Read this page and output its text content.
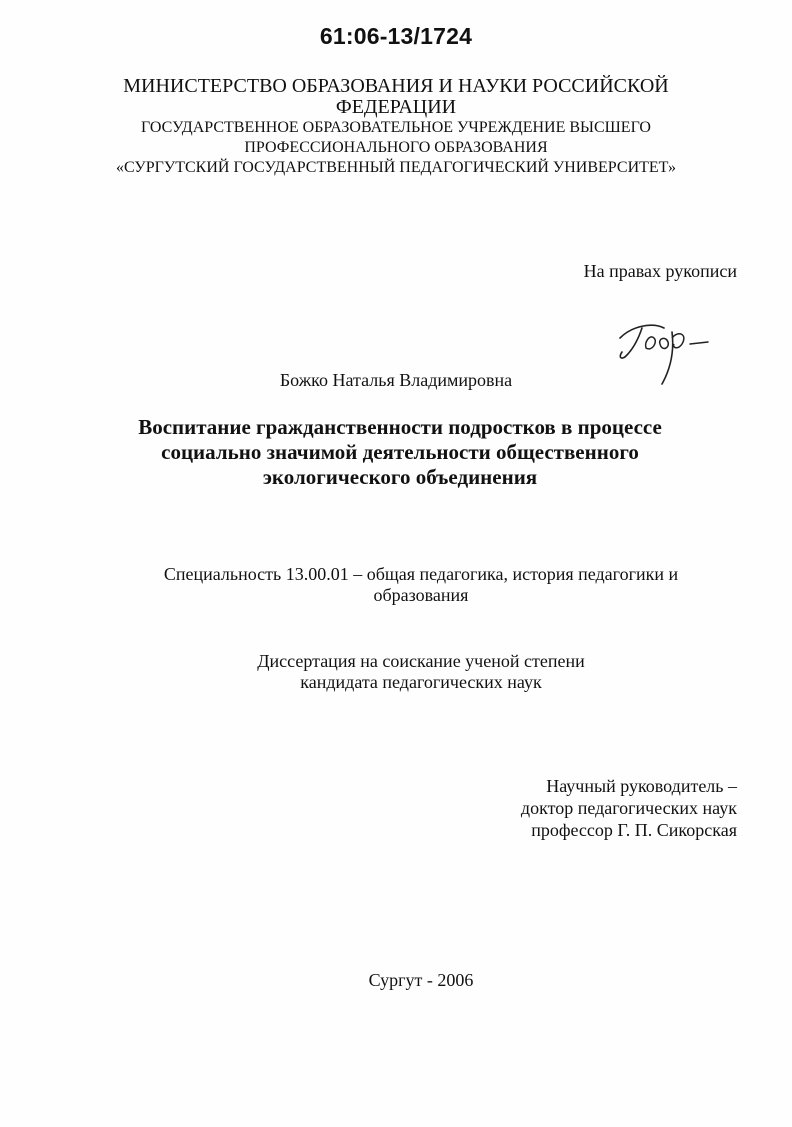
61:06-13/1724
МИНИСТЕРСТВО ОБРАЗОВАНИЯ И НАУКИ РОССИЙСКОЙ
ФЕДЕРАЦИИ
ГОСУДАРСТВЕННОЕ ОБРАЗОВАТЕЛЬНОЕ УЧРЕЖДЕНИЕ ВЫСШЕГО
ПРОФЕССИОНАЛЬНОГО ОБРАЗОВАНИЯ
«СУРГУТСКИЙ ГОСУДАРСТВЕННЫЙ ПЕДАГОГИЧЕСКИЙ УНИВЕРСИТЕТ»
На правах рукописи
Божко Наталья Владимировна
Воспитание гражданственности подростков в процессе
социально значимой деятельности общественного
экологического объединения
Специальность 13.00.01 – общая педагогика, история педагогики и
образования
Диссертация на соискание ученой степени
кандидата педагогических наук
Научный руководитель –
доктор педагогических наук
профессор Г. П. Сикорская
Сургут - 2006
